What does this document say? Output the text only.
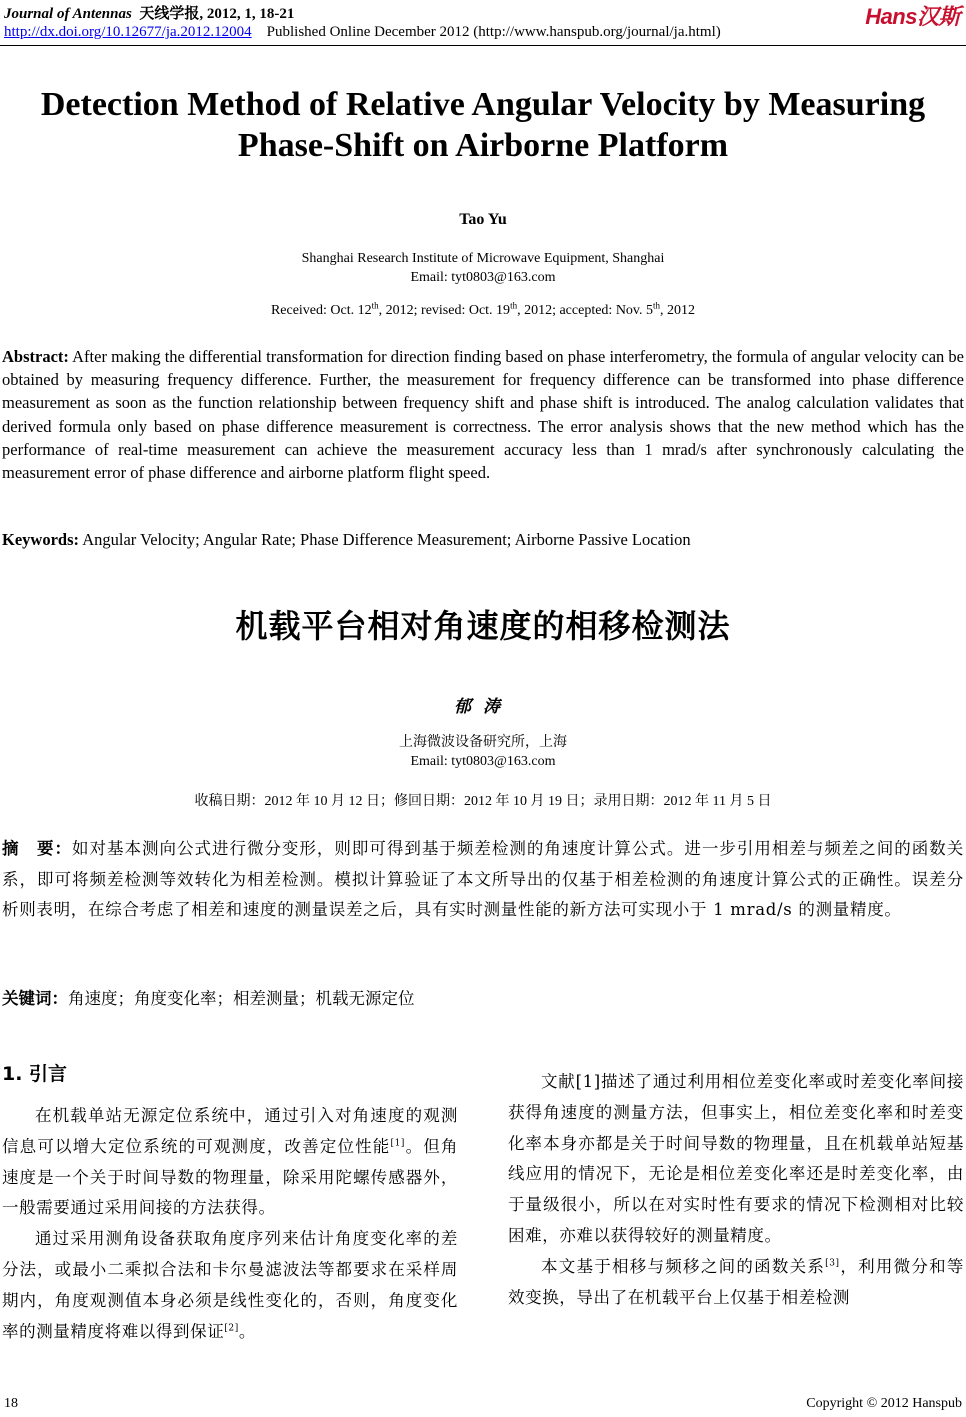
Journal of Antennas 天线学报, 2012, 1, 18-21	Hans汉斯
http://dx.doi.org/10.12677/ja.2012.12004 Published Online December 2012 (http://www.hanspub.org/journal/ja.html)
Detection Method of Relative Angular Velocity by Measuring
Phase-Shift on Airborne Platform
Tao Yu
Shanghai Research Institute of Microwave Equipment, Shanghai
Email: tyt0803@163.com
Received: Oct. 12th, 2012; revised: Oct. 19th, 2012; accepted: Nov. 5th, 2012
Abstract: After making the differential transformation for direction finding based on phase interferometry, the formula of angular velocity can be obtained by measuring frequency difference. Further, the measurement for frequency difference can be transformed into phase difference measurement as soon as the function relationship between frequency shift and phase shift is introduced. The analog calculation validates that derived formula only based on phase difference measurement is correctness. The error analysis shows that the new method which has the performance of real-time measurement can achieve the measurement accuracy less than 1 mrad/s after synchronously calculating the measurement error of phase difference and airborne platform flight speed.
Keywords: Angular Velocity; Angular Rate; Phase Difference Measurement; Airborne Passive Location
机载平台相对角速度的相移检测法
郁涛
上海微波设备研究所，上海
Email: tyt0803@163.com
收稿日期：2012 年 10 月 12 日；修回日期：2012 年 10 月 19 日；录用日期：2012 年 11 月 5 日
摘　要：如对基本测向公式进行微分变形，则即可得到基于频差检测的角速度计算公式。进一步引用相差与频差之间的函数关系，即可将频差检测等效转化为相差检测。模拟计算验证了本文所导出的仅基于相差检测的角速度计算公式的正确性。误差分析则表明，在综合考虑了相差和速度的测量误差之后，具有实时测量性能的新方法可实现小于 1 mrad/s 的测量精度。
关键词：角速度；角度变化率；相差测量；机载无源定位
1. 引言

在机载单站无源定位系统中，通过引入对角速度的观测信息可以增大定位系统的可观测度，改善定位性能[1]。但角速度是一个关于时间导数的物理量，除采用陀螺传感器外，一般需要通过采用间接的方法获得。

通过采用测角设备获取角度序列来估计角度变化率的差分法，或最小二乘拟合法和卡尔曼滤波法等都要求在采样周期内，角度观测值本身必须是线性变化的，否则，角度变化率的测量精度将难以得到保证[2]。

文献[1]描述了通过利用相位差变化率或时差变化率间接获得角速度的测量方法，但事实上，相位差变化率和时差变化率本身亦都是关于时间导数的物理量，且在机载单站短基线应用的情况下，无论是相位差变化率还是时差变化率，由于量级很小，所以在对实时性有要求的情况下检测相对比较困难，亦难以获得较好的测量精度。

本文基于相移与频移之间的函数关系[3]，利用微分和等效变换，导出了在机载平台上仅基于相差检测

18	Copyright © 2012 Hanspub
